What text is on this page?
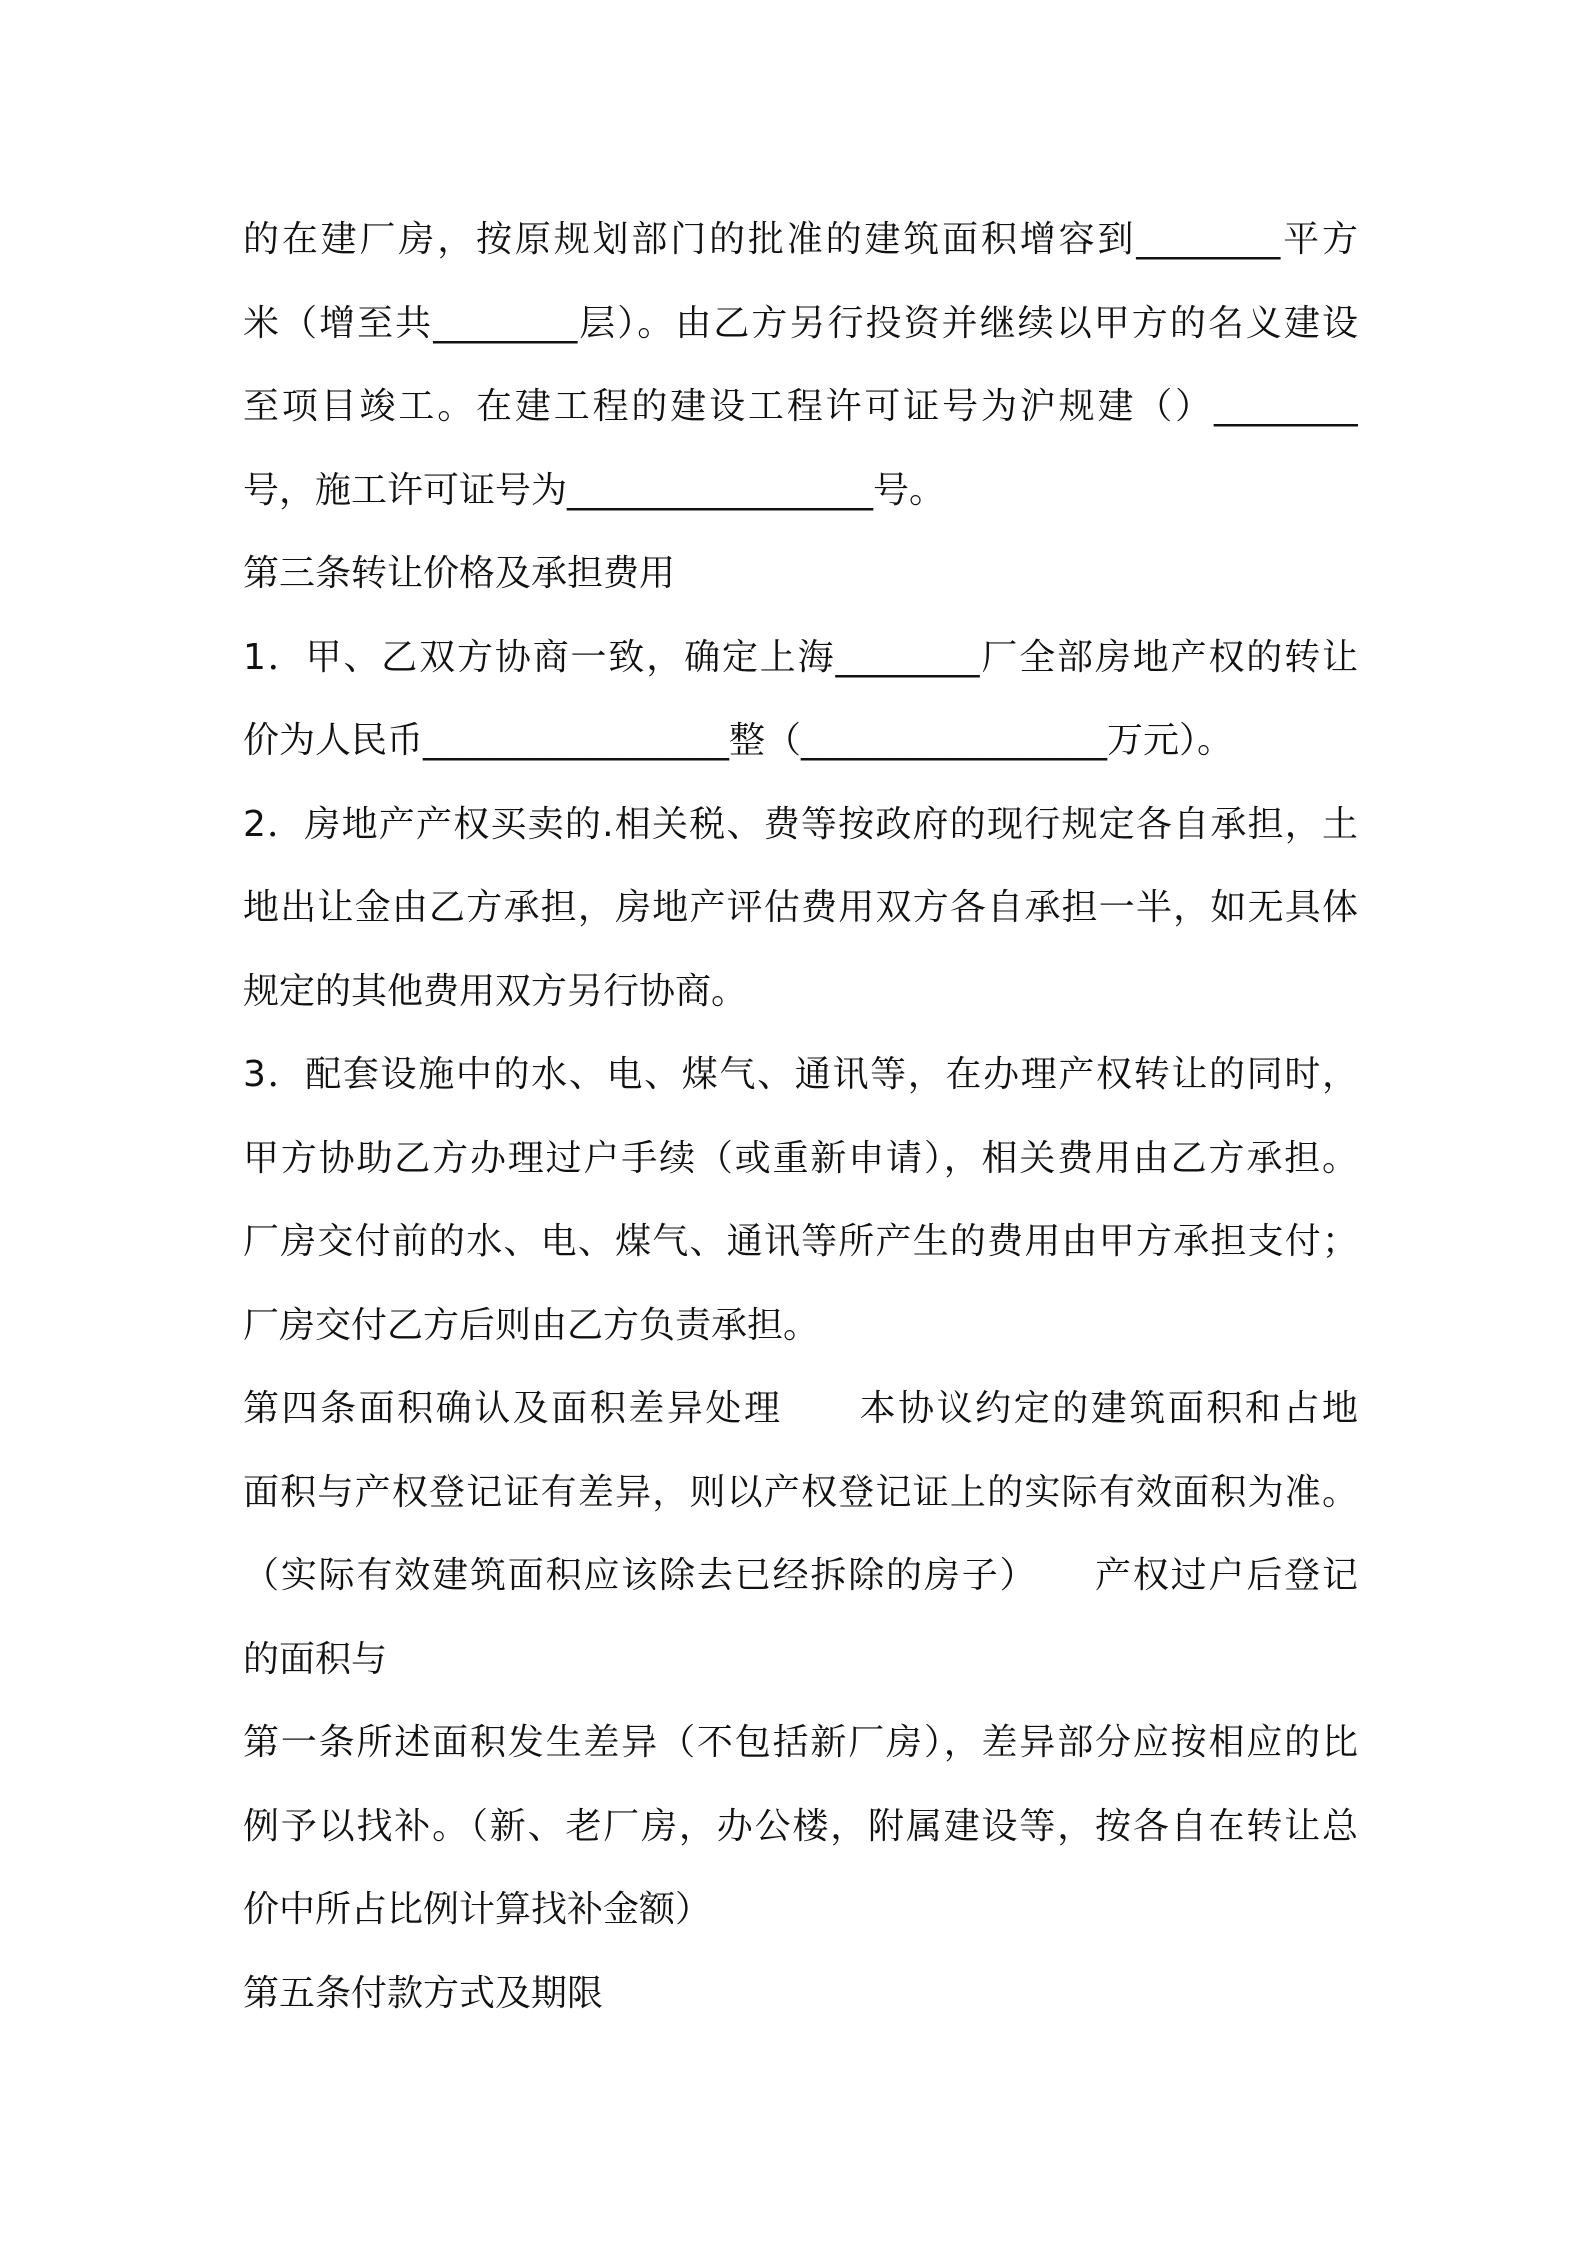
的在建厂房，按原规划部门的批准的建筑面积增容到________平方
米（增至共________层）。由乙方另行投资并继续以甲方的名义建设
至项目竣工。在建工程的建设工程许可证号为沪规建（）________
号，施工许可证号为_________________号。
第三条转让价格及承担费用
1．甲、乙双方协商一致，确定上海________厂全部房地产权的转让
价为人民币_________________整（_________________万元）。
2．房地产产权买卖的.相关税、费等按政府的现行规定各自承担，土
地出让金由乙方承担，房地产评估费用双方各自承担一半，如无具体
规定的其他费用双方另行协商。
3．配套设施中的水、电、煤气、通讯等，在办理产权转让的同时，
甲方协助乙方办理过户手续（或重新申请），相关费用由乙方承担。
厂房交付前的水、电、煤气、通讯等所产生的费用由甲方承担支付；
厂房交付乙方后则由乙方负责承担。
第四条面积确认及面积差异处理　　本协议约定的建筑面积和占地
面积与产权登记证有差异，则以产权登记证上的实际有效面积为准。
（实际有效建筑面积应该除去已经拆除的房子）　　产权过户后登记
的面积与
第一条所述面积发生差异（不包括新厂房），差异部分应按相应的比
例予以找补。（新、老厂房，办公楼，附属建设等，按各自在转让总
价中所占比例计算找补金额）
第五条付款方式及期限
